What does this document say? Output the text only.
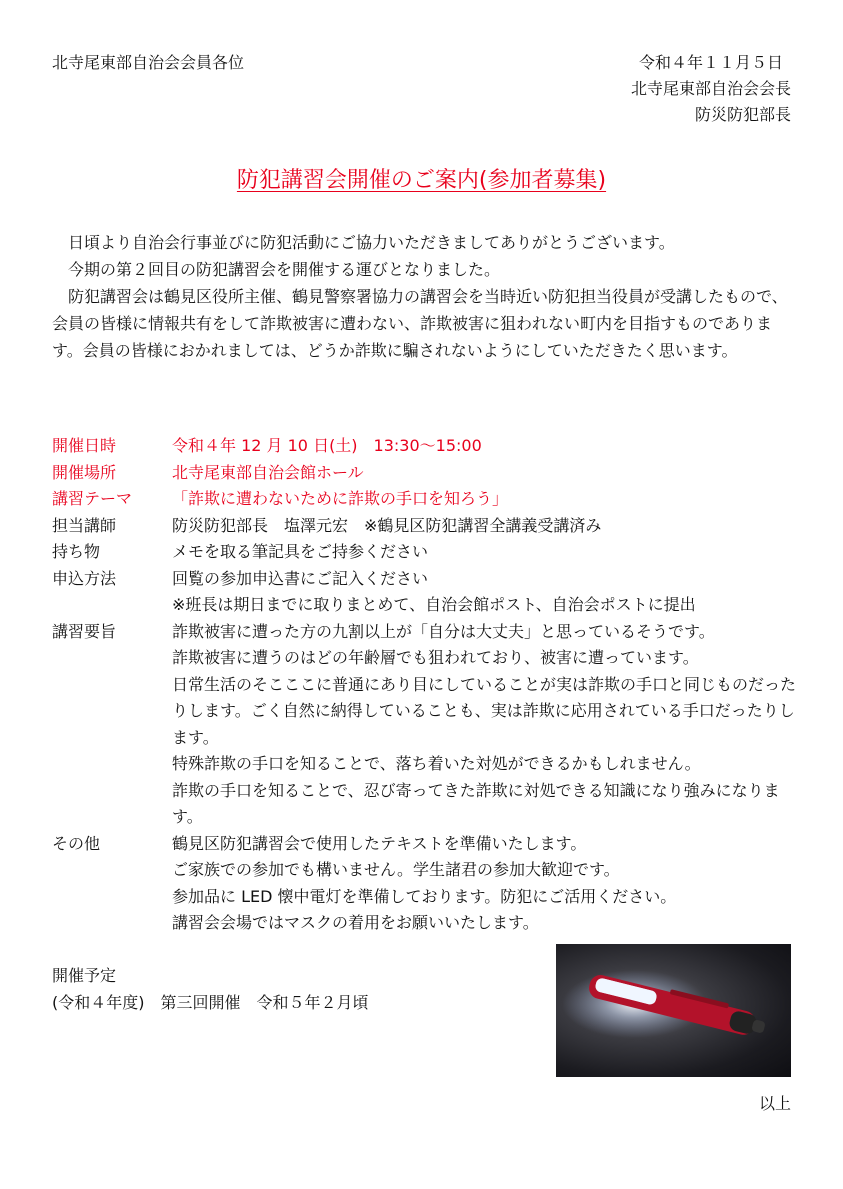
北寺尾東部自治会会員各位	令和４年１１月５日
北寺尾東部自治会会長
防災防犯部長
防犯講習会開催のご案内(参加者募集)

日頃より自治会行事並びに防犯活動にご協力いただきましてありがとうございます。

今期の第２回目の防犯講習会を開催する運びとなりました。

防犯講習会は鶴見区役所主催、鶴見警察署協力の講習会を当時近い防犯担当役員が受講したもので、会員の皆様に情報共有をして詐欺被害に遭わない、詐欺被害に狙われない町内を目指すものであります。会員の皆様におかれましては、どうか詐欺に騙されないようにしていただきたく思います。

開催日時	令和４年 12 月 10 日(土)　13:30～15:00
開催場所	北寺尾東部自治会館ホール
講習テーマ	「詐欺に遭わないために詐欺の手口を知ろう」
担当講師	防災防犯部長　塩澤元宏　※鶴見区防犯講習全講義受講済み
持ち物	メモを取る筆記具をご持参ください
申込方法	回覧の参加申込書にご記入ください
※班長は期日までに取りまとめて、自治会館ポスト、自治会ポストに提出
講習要旨	詐欺被害に遭った方の九割以上が「自分は大丈夫」と思っているそうです。
詐欺被害に遭うのはどの年齢層でも狙われており、被害に遭っています。
日常生活のそこここに普通にあり目にしていることが実は詐欺の手口と同じものだったりします。ごく自然に納得していることも、実は詐欺に応用されている手口だったりします。
特殊詐欺の手口を知ることで、落ち着いた対処ができるかもしれません。
詐欺の手口を知ることで、忍び寄ってきた詐欺に対処できる知識になり強みになります。
その他	鶴見区防犯講習会で使用したテキストを準備いたします。
ご家族での参加でも構いません。学生諸君の参加大歓迎です。
参加品に LED 懐中電灯を準備しております。防犯にご活用ください。
講習会会場ではマスクの着用をお願いいたします。
開催予定
(令和４年度)　第三回開催　令和５年２月頃
以上
